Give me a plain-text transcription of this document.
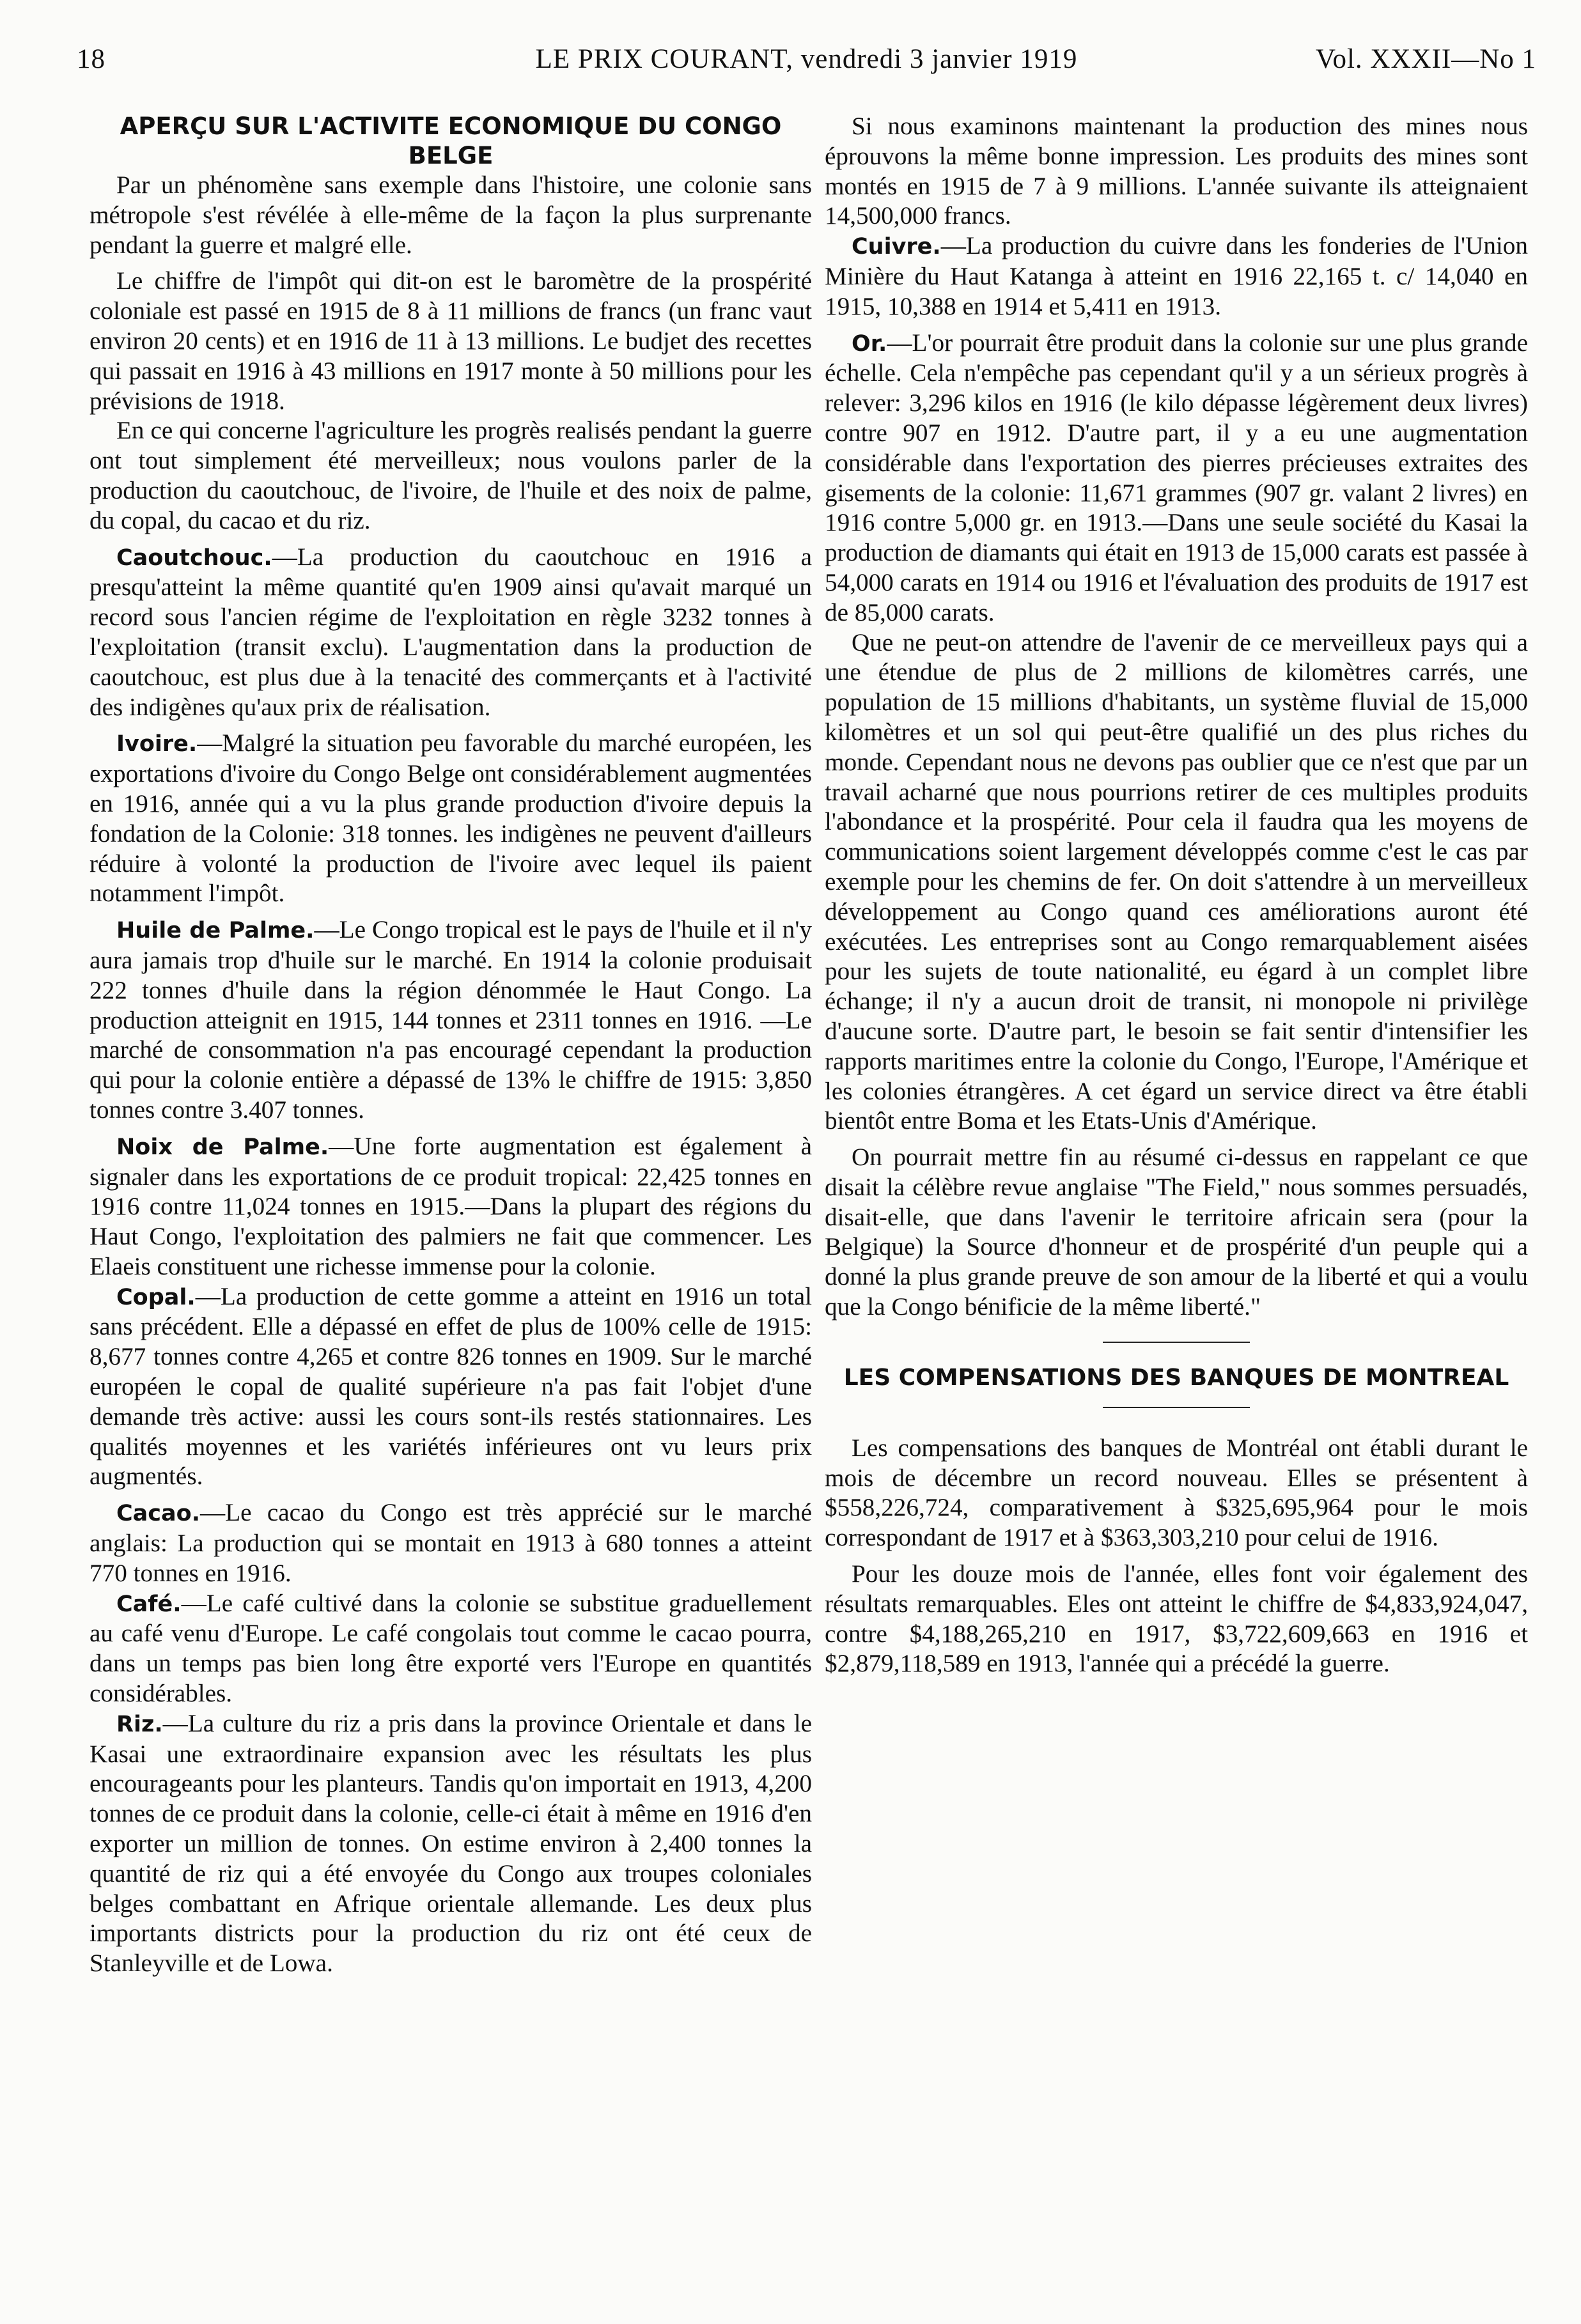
18	LE PRIX COURANT, vendredi 3 janvier 1919	Vol. XXXII—No 1

APERÇU SUR L'ACTIVITE ECONOMIQUE DU CONGO BELGE

Par un phénomène sans exemple dans l'histoire, une colonie sans métropole s'est révélée à elle-même de la façon la plus surprenante pendant la guerre et malgré elle.

Le chiffre de l'impôt qui dit-on est le baromètre de la prospérité coloniale est passé en 1915 de 8 à 11 millions de francs (un franc vaut environ 20 cents) et en 1916 de 11 à 13 millions. Le budjet des recettes qui passait en 1916 à 43 millions en 1917 monte à 50 millions pour les prévisions de 1918.

En ce qui concerne l'agriculture les progrès realisés pendant la guerre ont tout simplement été merveilleux; nous voulons parler de la production du caoutchouc, de l'ivoire, de l'huile et des noix de palme, du copal, du cacao et du riz.

Caoutchouc.—La production du caoutchouc en 1916 a presqu'atteint la même quantité qu'en 1909 ainsi qu'avait marqué un record sous l'ancien régime de l'exploitation en règle 3232 tonnes à l'exploitation (transit exclu). L'augmentation dans la production de caoutchouc, est plus due à la tenacité des commerçants et à l'activité des indigènes qu'aux prix de réalisation.

Ivoire.—Malgré la situation peu favorable du marché européen, les exportations d'ivoire du Congo Belge ont considérablement augmentées en 1916, année qui a vu la plus grande production d'ivoire depuis la fondation de la Colonie: 318 tonnes. les indigènes ne peuvent d'ailleurs réduire à volonté la production de l'ivoire avec lequel ils paient notamment l'impôt.

Huile de Palme.—Le Congo tropical est le pays de l'huile et il n'y aura jamais trop d'huile sur le marché. En 1914 la colonie produisait 222 tonnes d'huile dans la région dénommée le Haut Congo. La production atteignit en 1915, 144 tonnes et 2311 tonnes en 1916. —Le marché de consommation n'a pas encouragé cependant la production qui pour la colonie entière a dépassé de 13% le chiffre de 1915: 3,850 tonnes contre 3.407 tonnes.

Noix de Palme.—Une forte augmentation est également à signaler dans les exportations de ce produit tropical: 22,425 tonnes en 1916 contre 11,024 tonnes en 1915.—Dans la plupart des régions du Haut Congo, l'exploitation des palmiers ne fait que commencer. Les Elaeis constituent une richesse immense pour la colonie.

Copal.—La production de cette gomme a atteint en 1916 un total sans précédent. Elle a dépassé en effet de plus de 100% celle de 1915: 8,677 tonnes contre 4,265 et contre 826 tonnes en 1909. Sur le marché européen le copal de qualité supérieure n'a pas fait l'objet d'une demande très active: aussi les cours sont-ils restés stationnaires. Les qualités moyennes et les variétés inférieures ont vu leurs prix augmentés.

Cacao.—Le cacao du Congo est très apprécié sur le marché anglais: La production qui se montait en 1913 à 680 tonnes a atteint 770 tonnes en 1916.

Café.—Le café cultivé dans la colonie se substitue graduellement au café venu d'Europe. Le café congolais tout comme le cacao pourra, dans un temps pas bien long être exporté vers l'Europe en quantités considérables.

Riz.—La culture du riz a pris dans la province Orientale et dans le Kasai une extraordinaire expansion avec les résultats les plus encourageants pour les planteurs. Tandis qu'on importait en 1913, 4,200 tonnes de ce produit dans la colonie, celle-ci était à même en 1916 d'en exporter un million de tonnes. On estime environ à 2,400 tonnes la quantité de riz qui a été envoyée du Congo aux troupes coloniales belges combattant en Afrique orientale allemande. Les deux plus importants districts pour la production du riz ont été ceux de Stanleyville et de Lowa.

Si nous examinons maintenant la production des mines nous éprouvons la même bonne impression. Les produits des mines sont montés en 1915 de 7 à 9 millions. L'année suivante ils atteignaient 14,500,000 francs.

Cuivre.—La production du cuivre dans les fonderies de l'Union Minière du Haut Katanga à atteint en 1916 22,165 t. c/ 14,040 en 1915, 10,388 en 1914 et 5,411 en 1913.

Or.—L'or pourrait être produit dans la colonie sur une plus grande échelle. Cela n'empêche pas cependant qu'il y a un sérieux progrès à relever: 3,296 kilos en 1916 (le kilo dépasse légèrement deux livres) contre 907 en 1912. D'autre part, il y a eu une augmentation considérable dans l'exportation des pierres précieuses extraites des gisements de la colonie: 11,671 grammes (907 gr. valant 2 livres) en 1916 contre 5,000 gr. en 1913.—Dans une seule société du Kasai la production de diamants qui était en 1913 de 15,000 carats est passée à 54,000 carats en 1914 ou 1916 et l'évaluation des produits de 1917 est de 85,000 carats.

Que ne peut-on attendre de l'avenir de ce merveilleux pays qui a une étendue de plus de 2 millions de kilomètres carrés, une population de 15 millions d'habitants, un système fluvial de 15,000 kilomètres et un sol qui peut-être qualifié un des plus riches du monde. Cependant nous ne devons pas oublier que ce n'est que par un travail acharné que nous pourrions retirer de ces multiples produits l'abondance et la prospérité. Pour cela il faudra qua les moyens de communications soient largement développés comme c'est le cas par exemple pour les chemins de fer. On doit s'attendre à un merveilleux développement au Congo quand ces améliorations auront été exécutées. Les entreprises sont au Congo remarquablement aisées pour les sujets de toute nationalité, eu égard à un complet libre échange; il n'y a aucun droit de transit, ni monopole ni privilège d'aucune sorte. D'autre part, le besoin se fait sentir d'intensifier les rapports maritimes entre la colonie du Congo, l'Europe, l'Amérique et les colonies étrangères. A cet égard un service direct va être établi bientôt entre Boma et les Etats-Unis d'Amérique.

On pourrait mettre fin au résumé ci-dessus en rappelant ce que disait la célèbre revue anglaise "The Field," nous sommes persuadés, disait-elle, que dans l'avenir le territoire africain sera (pour la Belgique) la Source d'honneur et de prospérité d'un peuple qui a donné la plus grande preuve de son amour de la liberté et qui a voulu que la Congo bénificie de la même liberté."

LES COMPENSATIONS DES BANQUES DE MONTREAL

Les compensations des banques de Montréal ont établi durant le mois de décembre un record nouveau. Elles se présentent à $558,226,724, comparativement à $325,695,964 pour le mois correspondant de 1917 et à $363,303,210 pour celui de 1916.

Pour les douze mois de l'année, elles font voir également des résultats remarquables. Eles ont atteint le chiffre de $4,833,924,047, contre $4,188,265,210 en 1917, $3,722,609,663 en 1916 et $2,879,118,589 en 1913, l'année qui a précédé la guerre.
